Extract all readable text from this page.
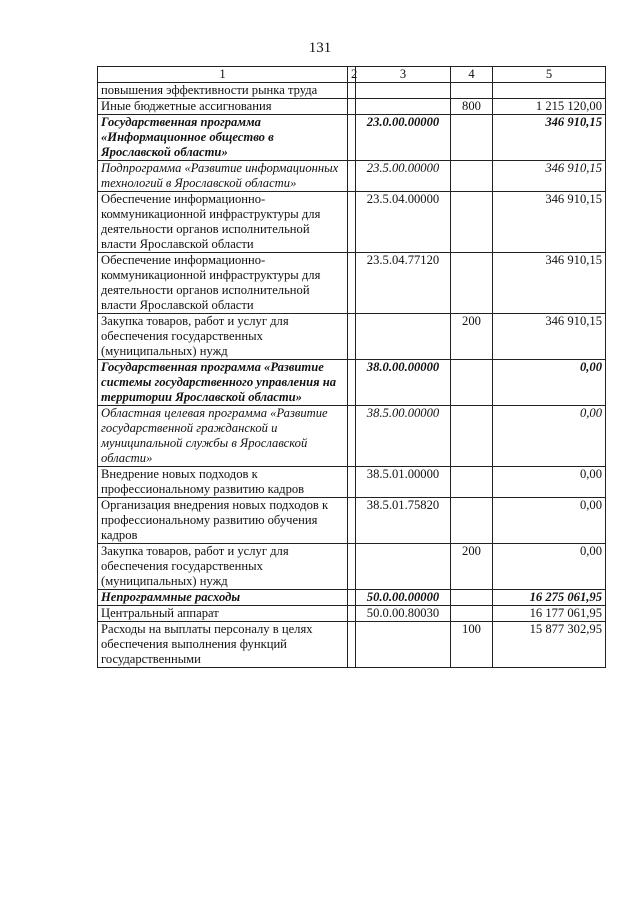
131
1	2	3	4	5
повышения эффективности рынка труда				
Иные бюджетные ассигнования			800	1 215 120,00
Государственная программа «Информационное общество в Ярославской области»		23.0.00.00000		346 910,15
Подпрограмма «Развитие информационных технологий в Ярославской области»		23.5.00.00000		346 910,15
Обеспечение информационно-коммуникационной инфраструктуры для деятельности органов исполнительной власти Ярославской области		23.5.04.00000		346 910,15
Обеспечение информационно-коммуникационной инфраструктуры для деятельности органов исполнительной власти Ярославской области		23.5.04.77120		346 910,15
Закупка товаров, работ и услуг для обеспечения государственных (муниципальных) нужд			200	346 910,15
Государственная программа «Развитие системы государственного управления на территории Ярославской области»		38.0.00.00000		0,00
Областная целевая программа «Развитие государственной гражданской и муниципальной службы в Ярославской области»		38.5.00.00000		0,00
Внедрение новых подходов к профессиональному развитию кадров		38.5.01.00000		0,00
Организация внедрения новых подходов к профессиональному развитию обучения кадров		38.5.01.75820		0,00
Закупка товаров, работ и услуг для обеспечения государственных (муниципальных) нужд			200	0,00
Непрограммные расходы		50.0.00.00000		16 275 061,95
Центральный аппарат		50.0.00.80030		16 177 061,95
Расходы на выплаты персоналу в целях обеспечения выполнения функций государственными			100	15 877 302,95
